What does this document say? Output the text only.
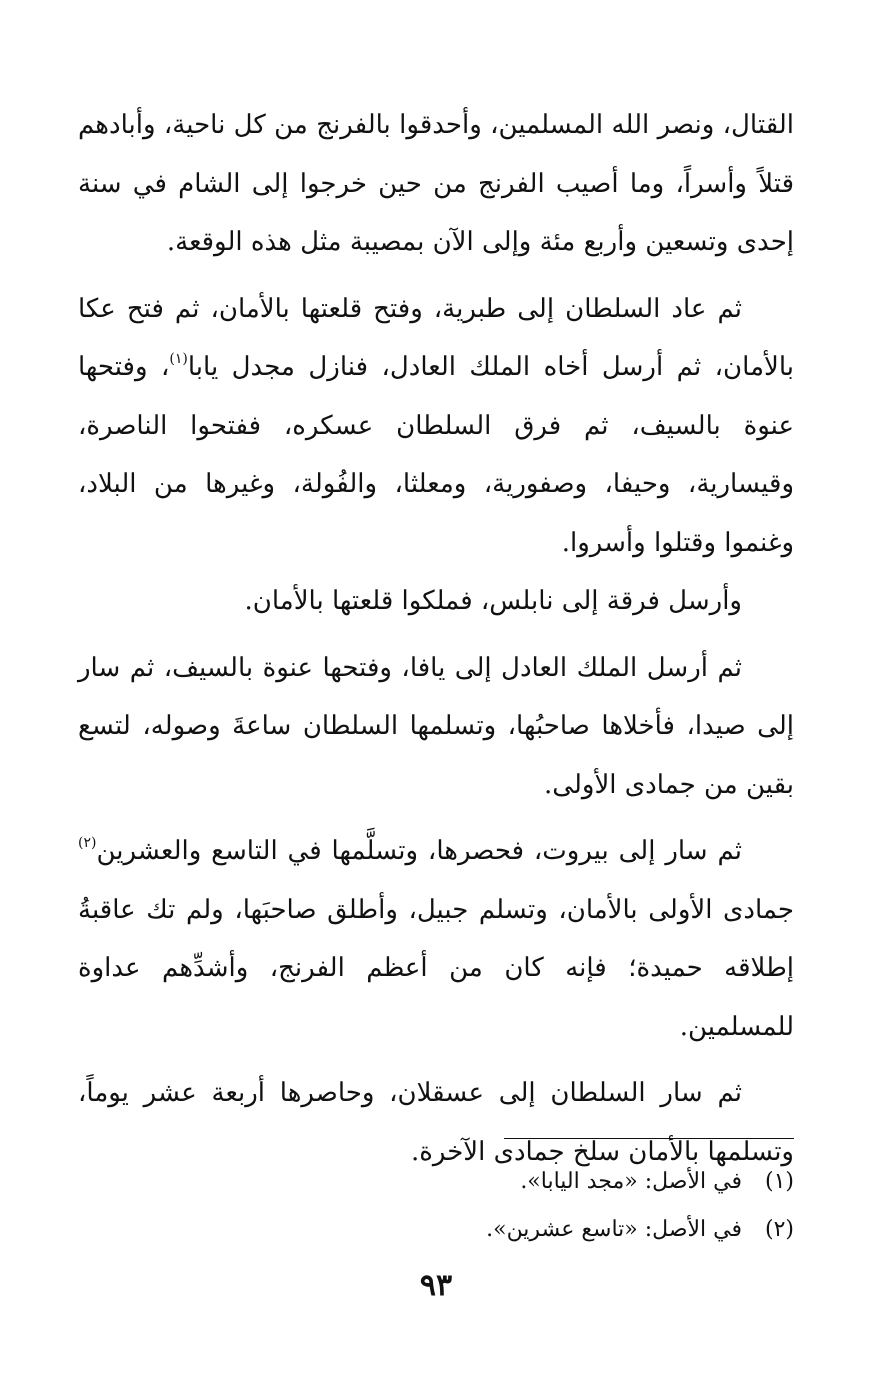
القتال، ونصر الله المسلمين، وأحدقوا بالفرنج من كل ناحية، وأبادهم قتلاً وأسراً، وما أصيب الفرنج من حين خرجوا إلى الشام في سنة إحدى وتسعين وأربع مئة وإلى الآن بمصيبة مثل هذه الوقعة.

ثم عاد السلطان إلى طبرية، وفتح قلعتها بالأمان، ثم فتح عكا بالأمان، ثم أرسل أخاه الملك العادل، فنازل مجدل يابا$^{(١)}$، وفتحها عنوة بالسيف، ثم فرق السلطان عسكره، ففتحوا الناصرة، وقيسارية، وحيفا، وصفورية، ومعلثا، والفُولة، وغيرها من البلاد، وغنموا وقتلوا وأسروا.

وأرسل فرقة إلى نابلس، فملكوا قلعتها بالأمان.

ثم أرسل الملك العادل إلى يافا، وفتحها عنوة بالسيف، ثم سار إلى صيدا، فأخلاها صاحبُها، وتسلمها السلطان ساعةَ وصوله، لتسع بقين من جمادى الأولى.

ثم سار إلى بيروت، فحصرها، وتسلَّمها في التاسع والعشرين$^{(٢)}$ جمادى الأولى بالأمان، وتسلم جبيل، وأطلق صاحبَها، ولم تك عاقبةُ إطلاقه حميدة؛ فإنه كان من أعظم الفرنج، وأشدِّهم عداوة للمسلمين.

ثم سار السلطان إلى عسقلان، وحاصرها أربعة عشر يوماً، وتسلمها بالأمان سلخ جمادى الآخرة.

(١)في الأصل: «مجد اليابا».
(٢)في الأصل: «تاسع عشرين».
٩٣
